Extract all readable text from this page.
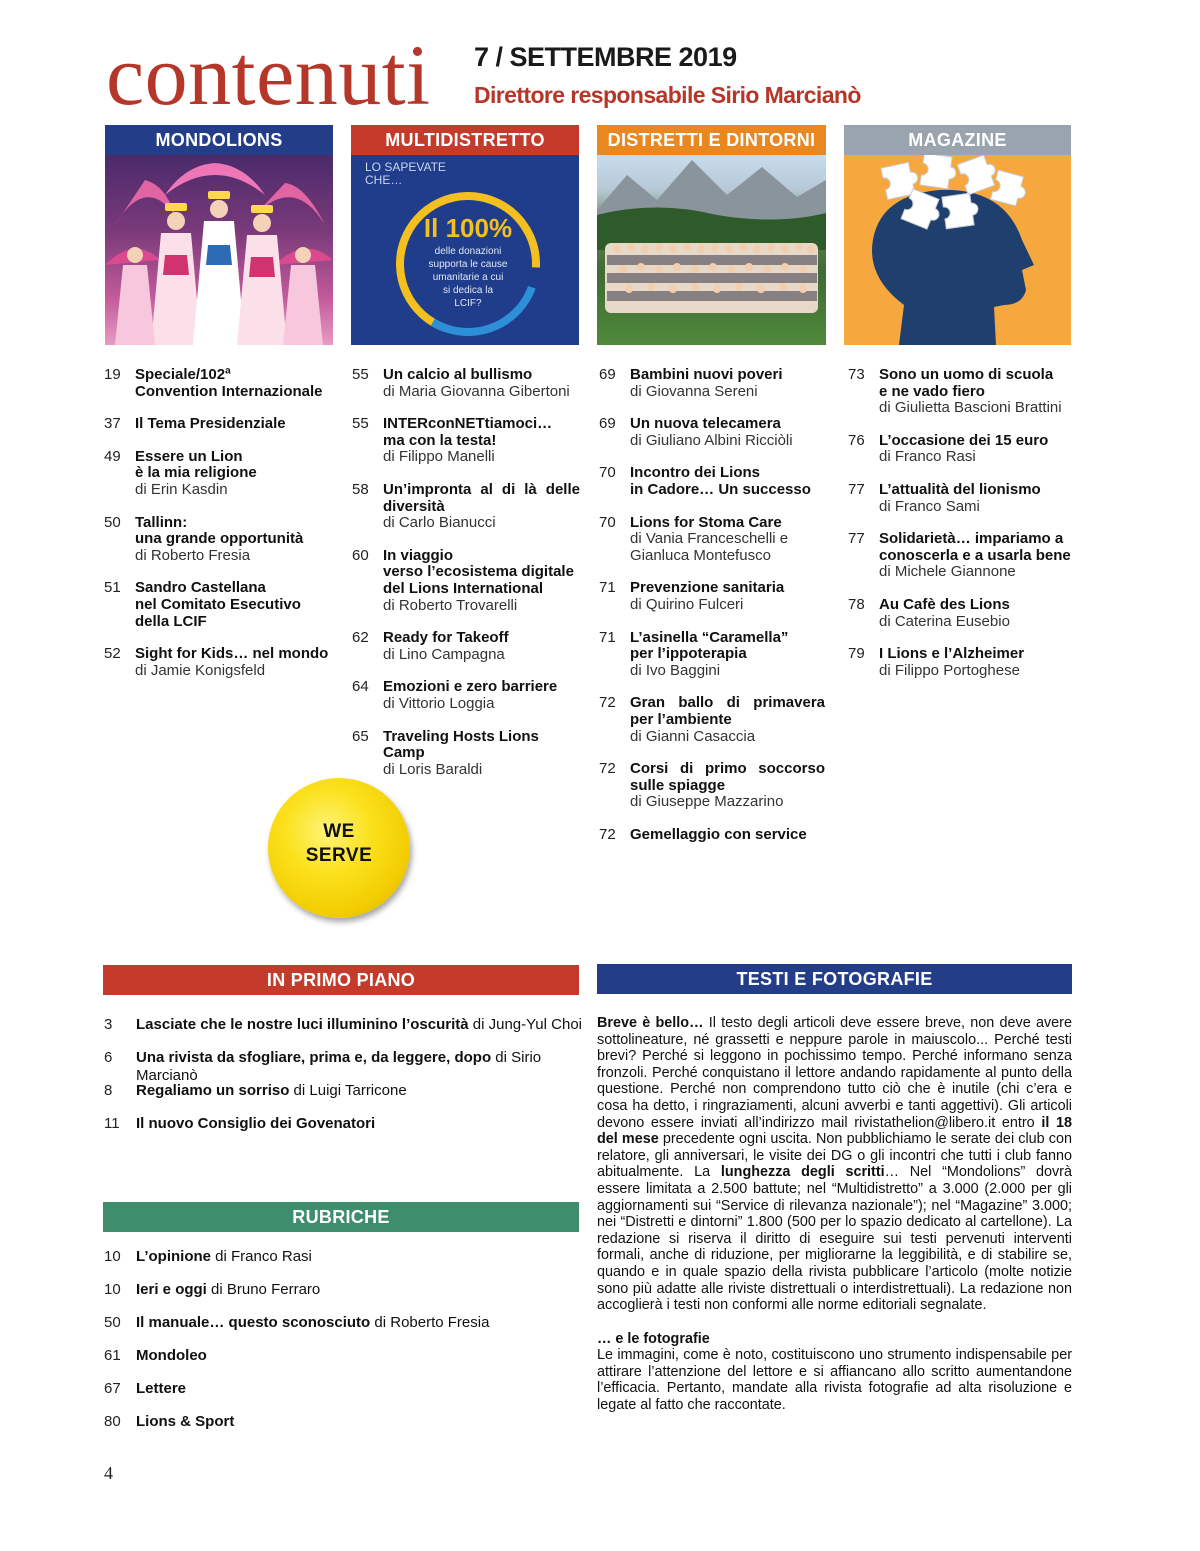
contenuti 7 / SETTEMBRE 2019
Direttore responsabile Sirio Marcianò
MONDOLIONS	MULTIDISTRETTO	DISTRETTI E DINTORNI	MAGAZINE
LO SAPEVATE
CHE…
Il 100%
delle donazioni
supporta le cause
umanitarie a cui
si dedica la
LCIF?
19 Speciale/102ª
Convention Internazionale
37 Il Tema Presidenziale
49 Essere un Lion
è la mia religione
di Erin Kasdin
50 Tallinn:
una grande opportunità
di Roberto Fresia
51 Sandro Castellana
nel Comitato Esecutivo
della LCIF
52 Sight for Kids… nel mondo
di Jamie Konigsfeld
55 Un calcio al bullismo
di Maria Giovanna Gibertoni
55 INTERconNETtiamoci…
ma con la testa!
di Filippo Manelli
58 Un’impronta al di là delle
diversità
di Carlo Bianucci
60 In viaggio
verso l’ecosistema digitale
del Lions International
di Roberto Trovarelli
62 Ready for Takeoff
di Lino Campagna
64 Emozioni e zero barriere
di Vittorio Loggia
65 Traveling Hosts Lions Camp
di Loris Baraldi
69 Bambini nuovi poveri
di Giovanna Sereni
69 Un nuova telecamera
di Giuliano Albini Ricciòli
70 Incontro dei Lions
in Cadore… Un successo
70 Lions for Stoma Care
di Vania Franceschelli e
Gianluca Montefusco
71 Prevenzione sanitaria
di Quirino Fulceri
71 L’asinella “Caramella”
per l’ippoterapia
di Ivo Baggini
72 Gran ballo di primavera
per l’ambiente
di Gianni Casaccia
72 Corsi di primo soccorso
sulle spiagge
di Giuseppe Mazzarino
72 Gemellaggio con service
73 Sono un uomo di scuola
e ne vado fiero
di Giulietta Bascioni Brattini
76 L’occasione dei 15 euro
di Franco Rasi
77 L’attualità del lionismo
di Franco Sami
77 Solidarietà… impariamo a
conoscerla e a usarla bene
di Michele Giannone
78 Au Cafè des Lions
di Caterina Eusebio
79 I Lions e l’Alzheimer
di Filippo Portoghese
WE
SERVE
IN PRIMO PIANO
3 Lasciate che le nostre luci illuminino l’oscurità di Jung-Yul Choi
6 Una rivista da sfogliare, prima e, da leggere, dopo di Sirio Marcianò
8 Regaliamo un sorriso di Luigi Tarricone
11 Il nuovo Consiglio dei Govenatori
RUBRICHE
10 L’opinione di Franco Rasi
10 Ieri e oggi di Bruno Ferraro
50 Il manuale… questo sconosciuto di Roberto Fresia
61 Mondoleo
67 Lettere
80 Lions & Sport
TESTI E FOTOGRAFIE

Breve è bello… Il testo degli articoli deve essere breve, non deve avere sottolineature, né grassetti e neppure parole in maiuscolo... Perché testi brevi? Perché si leggono in pochissimo tempo. Perché informano senza fronzoli. Perché conquistano il lettore andando rapidamente al punto della questione. Perché non comprendono tutto ciò che è inutile (chi c’era e cosa ha detto, i ringraziamenti, alcuni avverbi e tanti aggettivi). Gli articoli devono essere inviati all’indirizzo mail rivistathelion@libero.it entro il 18 del mese precedente ogni uscita. Non pubblichiamo le serate dei club con relatore, gli anniversari, le visite dei DG o gli incontri che tutti i club fanno abitualmente. La lunghezza degli scritti… Nel “Mondolions” dovrà essere limitata a 2.500 battute; nel “Multidistretto” a 3.000 (2.000 per gli aggiornamenti sui “Service di rilevanza nazionale”); nel “Magazine” 3.000; nei “Distretti e dintorni” 1.800 (500 per lo spazio dedicato al cartellone). La redazione si riserva il diritto di eseguire sui testi pervenuti interventi formali, anche di riduzione, per migliorarne la leggibilità, e di stabilire se, quando e in quale spazio della rivista pubblicare l’articolo (molte notizie sono più adatte alle riviste distrettuali o interdistrettuali). La redazione non accoglierà i testi non conformi alle norme editoriali segnalate.

… e le fotografie
Le immagini, come è noto, costituiscono uno strumento indispensabile per attirare l’attenzione del lettore e si affiancano allo scritto aumentandone l’efficacia. Pertanto, mandate alla rivista fotografie ad alta risoluzione e legate al fatto che raccontate.
4
